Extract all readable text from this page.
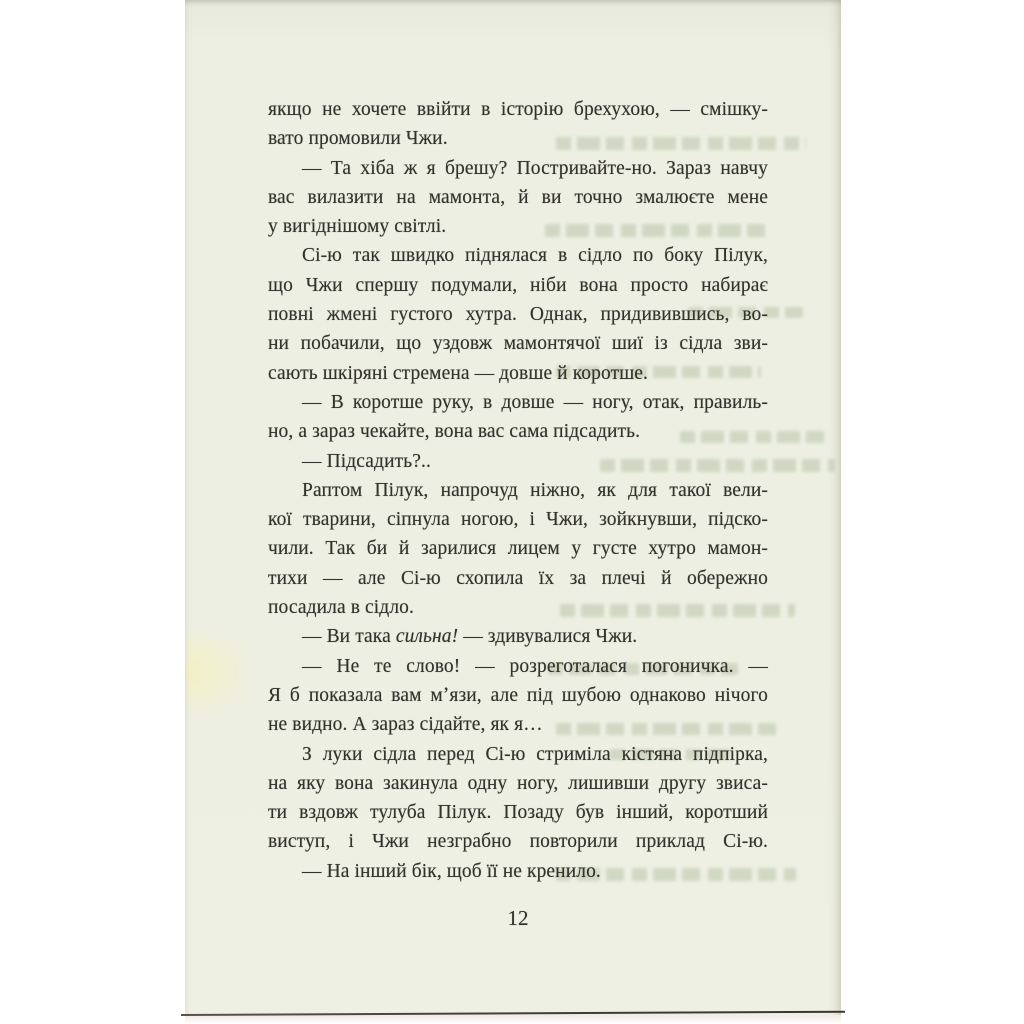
якщо не хочете ввійти в історію брехухою, — смішку-
вато промовили Чжи.
— Та хіба ж я брешу? Постривайте-но. Зараз навчу
вас вилазити на мамонта, й ви точно змалюєте мене
у вигіднішому світлі.
Сі-ю так швидко піднялася в сідло по боку Пілук,
що Чжи спершу подумали, ніби вона просто набирає
повні жмені густого хутра. Однак, придивившись, во-
ни побачили, що уздовж мамонтячої шиї із сідла зви-
сають шкіряні стремена — довше й коротше.
— В коротше руку, в довше — ногу, отак, правиль-
но, а зараз чекайте, вона вас сама підсадить.
— Підсадить?..
Раптом Пілук, напрочуд ніжно, як для такої вели-
кої тварини, сіпнула ногою, і Чжи, зойкнувши, підско-
чили. Так би й зарилися лицем у густе хутро мамон-
тихи — але Сі-ю схопила їх за плечі й обережно
посадила в сідло.
— Ви така сильна! — здивувалися Чжи.
— Не те слово! — розреготалася погоничка. —
Я б показала вам мʼязи, але під шубою однаково нічого
не видно. А зараз сідайте, як я…
З луки сідла перед Сі-ю стриміла кістяна підпірка,
на яку вона закинула одну ногу, лишивши другу звиса-
ти вздовж тулуба Пілук. Позаду був інший, коротший
виступ, і Чжи незграбно повторили приклад Сі-ю.
— На інший бік, щоб її не кренило.
12
